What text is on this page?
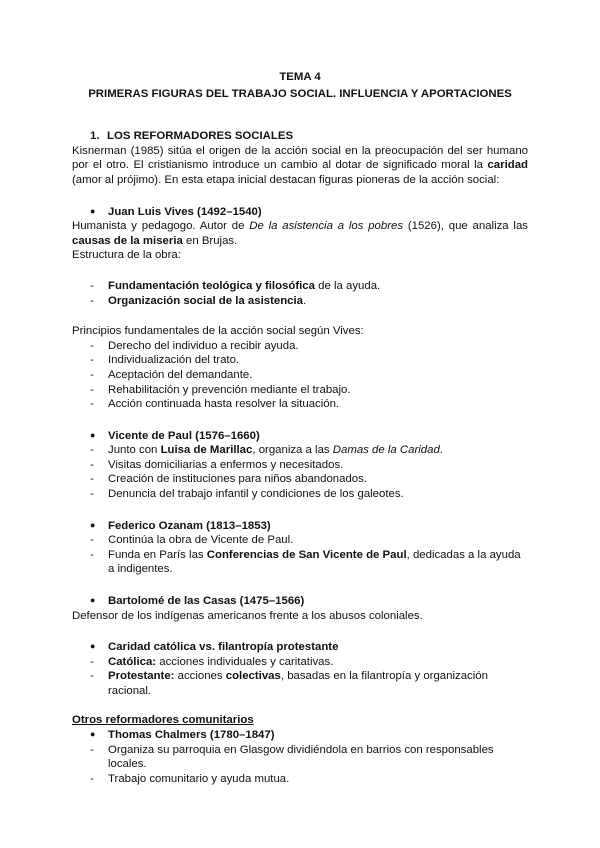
TEMA 4
PRIMERAS FIGURAS DEL TRABAJO SOCIAL. INFLUENCIA Y APORTACIONES
1. LOS REFORMADORES SOCIALES

Kisnerman (1985) sitúa el origen de la acción social en la preocupación del ser humano por el otro. El cristianismo introduce un cambio al dotar de significado moral la caridad (amor al prójimo). En esta etapa inicial destacan figuras pioneras de la acción social:

● Juan Luis Vives (1492–1540)

Humanista y pedagogo. Autor de De la asistencia a los pobres (1526), que analiza las causas de la miseria en Brujas.

Estructura de la obra:

- Fundamentación teológica y filosófica de la ayuda.
- Organización social de la asistencia.

Principios fundamentales de la acción social según Vives:

- Derecho del individuo a recibir ayuda.
- Individualización del trato.
- Aceptación del demandante.
- Rehabilitación y prevención mediante el trabajo.
- Acción continuada hasta resolver la situación.
● Vicente de Paul (1576–1660)
- Junto con Luisa de Marillac, organiza a las Damas de la Caridad.
- Visitas domiciliarias a enfermos y necesitados.
- Creación de instituciones para niños abandonados.
- Denuncia del trabajo infantil y condiciones de los galeotes.
● Federico Ozanam (1813–1853)
- Continúa la obra de Vicente de Paul.
- Funda en París las Conferencias de San Vicente de Paul, dedicadas a la ayuda a indigentes.
● Bartolomé de las Casas (1475–1566)

Defensor de los indígenas americanos frente a los abusos coloniales.

● Caridad católica vs. filantropía protestante
- Católica: acciones individuales y caritativas.
- Protestante: acciones colectivas, basadas en la filantropía y organización racional.
Otros reformadores comunitarios
● Thomas Chalmers (1780–1847)
- Organiza su parroquia en Glasgow dividiéndola en barrios con responsables locales.
- Trabajo comunitario y ayuda mutua.
